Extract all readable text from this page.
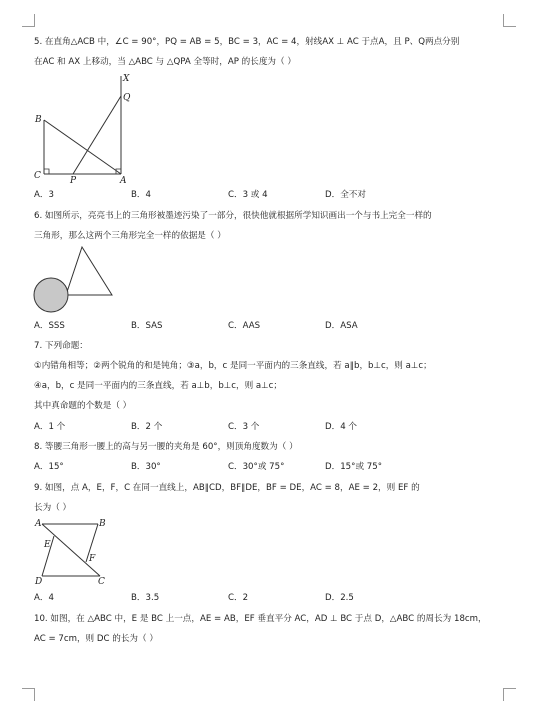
5. 在直角△ACB 中，∠C = 90°，PQ = AB = 5，BC = 3，AC = 4，射线AX ⊥ AC 于点A，且 P、Q两点分别
在AC 和 AX 上移动，当 △ABC 与 △QPA 全等时，AP 的长度为（ ）
X
Q
B
C	P	A
A．3	B．4	C．3 或 4	D．全不对
6. 如图所示，亮亮书上的三角形被墨迹污染了一部分，很快他就根据所学知识画出一个与书上完全一样的
三角形，那么这两个三角形完全一样的依据是（ ）
A．SSS	B．SAS	C．AAS	D．ASA
7. 下列命题：
①内错角相等；②两个锐角的和是钝角；③a，b，c 是同一平面内的三条直线，若 a∥b，b⊥c，则 a⊥c；
④a，b，c 是同一平面内的三条直线，若 a⊥b，b⊥c，则 a⊥c；
其中真命题的个数是（ ）
A．1 个	B．2 个	C．3 个	D．4 个
8. 等腰三角形一腰上的高与另一腰的夹角是 60°，则顶角度数为（ ）
A．15°	B．30°	C．30°或 75°	D．15°或 75°
9. 如图，点 A，E，F，C 在同一直线上，AB∥CD，BF∥DE，BF = DE，AC = 8，AE = 2，则 EF 的
长为（ ）
A	B
E
F
D	C
A．4	B．3.5	C．2	D．2.5
10. 如图，在 △ABC 中，E 是 BC 上一点，AE = AB，EF 垂直平分 AC，AD ⊥ BC 于点 D，△ABC 的周长为 18cm，
AC = 7cm，则 DC 的长为（ ）
